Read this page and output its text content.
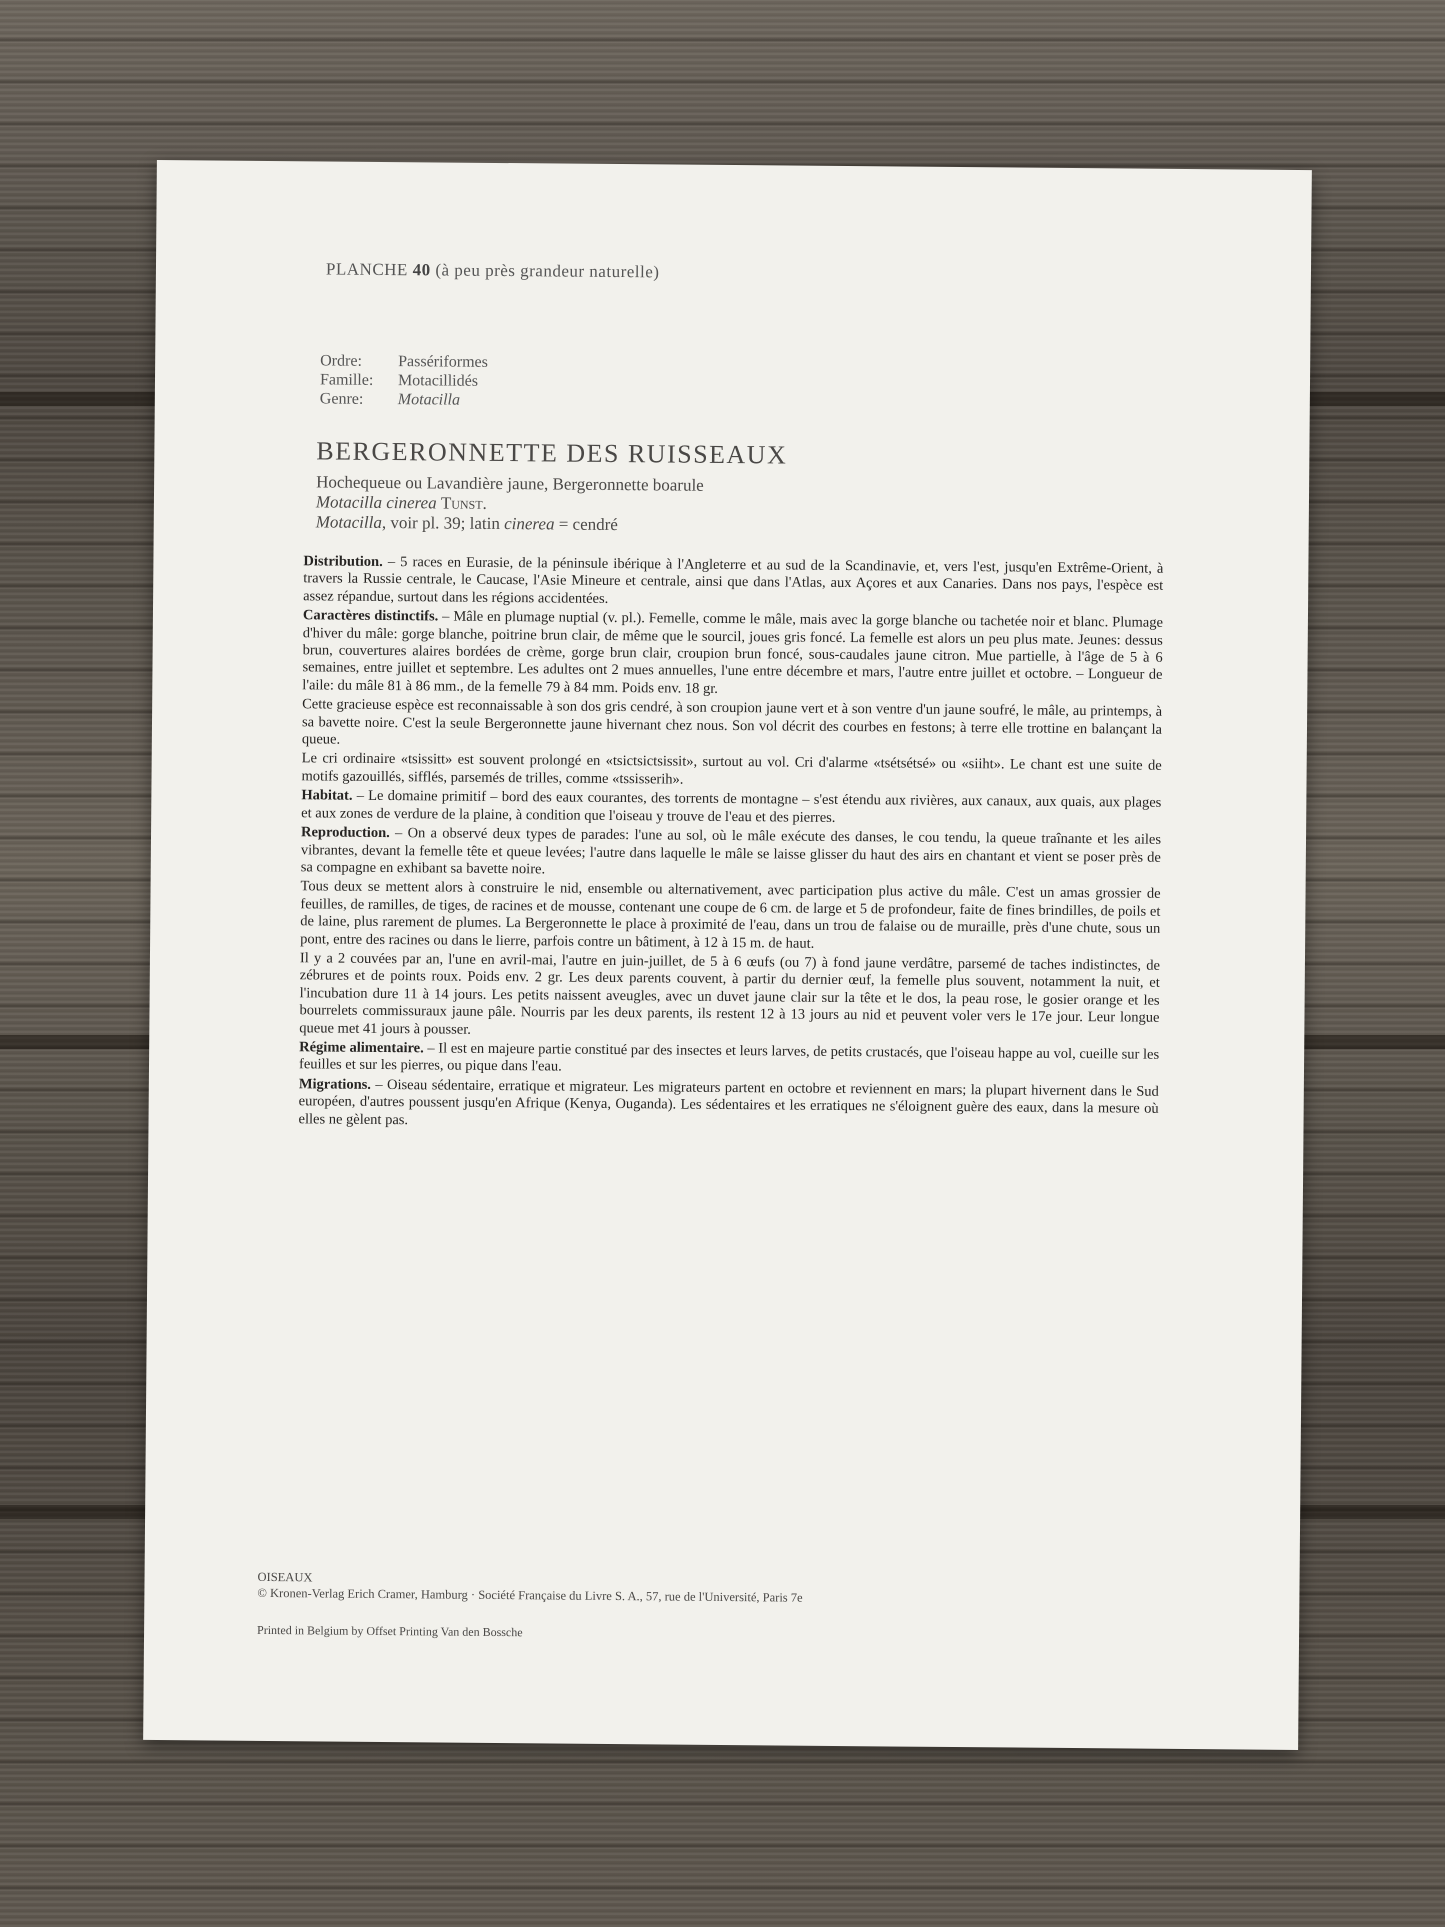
PLANCHE 40 (à peu près grandeur naturelle)
Ordre:	Passériformes
Famille:	Motacillidés
Genre:	Motacilla
BERGERONNETTE DES RUISSEAUX
Hochequeue ou Lavandière jaune, Bergeronnette boarule
Motacilla cinerea Tunst.
Motacilla, voir pl. 39; latin cinerea = cendré

Distribution. – 5 races en Eurasie, de la péninsule ibérique à l'Angleterre et au sud de la Scandinavie, et, vers l'est, jusqu'en Extrême-Orient, à travers la Russie centrale, le Caucase, l'Asie Mineure et centrale, ainsi que dans l'Atlas, aux Açores et aux Canaries. Dans nos pays, l'espèce est assez répandue, surtout dans les régions accidentées.

Caractères distinctifs. – Mâle en plumage nuptial (v. pl.). Femelle, comme le mâle, mais avec la gorge blanche ou tachetée noir et blanc. Plumage d'hiver du mâle: gorge blanche, poitrine brun clair, de même que le sourcil, joues gris foncé. La femelle est alors un peu plus mate. Jeunes: dessus brun, couvertures alaires bordées de crème, gorge brun clair, croupion brun foncé, sous-caudales jaune citron. Mue partielle, à l'âge de 5 à 6 semaines, entre juillet et septembre. Les adultes ont 2 mues annuelles, l'une entre décembre et mars, l'autre entre juillet et octobre. – Longueur de l'aile: du mâle 81 à 86 mm., de la femelle 79 à 84 mm. Poids env. 18 gr.

Cette gracieuse espèce est reconnaissable à son dos gris cendré, à son croupion jaune vert et à son ventre d'un jaune soufré, le mâle, au printemps, à sa bavette noire. C'est la seule Bergeronnette jaune hivernant chez nous. Son vol décrit des courbes en festons; à terre elle trottine en balançant la queue.

Le cri ordinaire «tsissitt» est souvent prolongé en «tsictsictsissit», surtout au vol. Cri d'alarme «tsétsétsé» ou «siiht». Le chant est une suite de motifs gazouillés, sifflés, parsemés de trilles, comme «tssisserih».

Habitat. – Le domaine primitif – bord des eaux courantes, des torrents de montagne – s'est étendu aux rivières, aux canaux, aux quais, aux plages et aux zones de verdure de la plaine, à condition que l'oiseau y trouve de l'eau et des pierres.

Reproduction. – On a observé deux types de parades: l'une au sol, où le mâle exécute des danses, le cou tendu, la queue traînante et les ailes vibrantes, devant la femelle tête et queue levées; l'autre dans laquelle le mâle se laisse glisser du haut des airs en chantant et vient se poser près de sa compagne en exhibant sa bavette noire.

Tous deux se mettent alors à construire le nid, ensemble ou alternativement, avec participation plus active du mâle. C'est un amas grossier de feuilles, de ramilles, de tiges, de racines et de mousse, contenant une coupe de 6 cm. de large et 5 de profondeur, faite de fines brindilles, de poils et de laine, plus rarement de plumes. La Bergeronnette le place à proximité de l'eau, dans un trou de falaise ou de muraille, près d'une chute, sous un pont, entre des racines ou dans le lierre, parfois contre un bâtiment, à 12 à 15 m. de haut.

Il y a 2 couvées par an, l'une en avril-mai, l'autre en juin-juillet, de 5 à 6 œufs (ou 7) à fond jaune verdâtre, parsemé de taches indistinctes, de zébrures et de points roux. Poids env. 2 gr. Les deux parents couvent, à partir du dernier œuf, la femelle plus souvent, notamment la nuit, et l'incubation dure 11 à 14 jours. Les petits naissent aveugles, avec un duvet jaune clair sur la tête et le dos, la peau rose, le gosier orange et les bourrelets commissuraux jaune pâle. Nourris par les deux parents, ils restent 12 à 13 jours au nid et peuvent voler vers le 17e jour. Leur longue queue met 41 jours à pousser.

Régime alimentaire. – Il est en majeure partie constitué par des insectes et leurs larves, de petits crustacés, que l'oiseau happe au vol, cueille sur les feuilles et sur les pierres, ou pique dans l'eau.

Migrations. – Oiseau sédentaire, erratique et migrateur. Les migrateurs partent en octobre et reviennent en mars; la plupart hivernent dans le Sud européen, d'autres poussent jusqu'en Afrique (Kenya, Ouganda). Les sédentaires et les erratiques ne s'éloignent guère des eaux, dans la mesure où elles ne gèlent pas.

OISEAUX
© Kronen-Verlag Erich Cramer, Hamburg · Société Française du Livre S. A., 57, rue de l'Université, Paris 7e
Printed in Belgium by Offset Printing Van den Bossche
